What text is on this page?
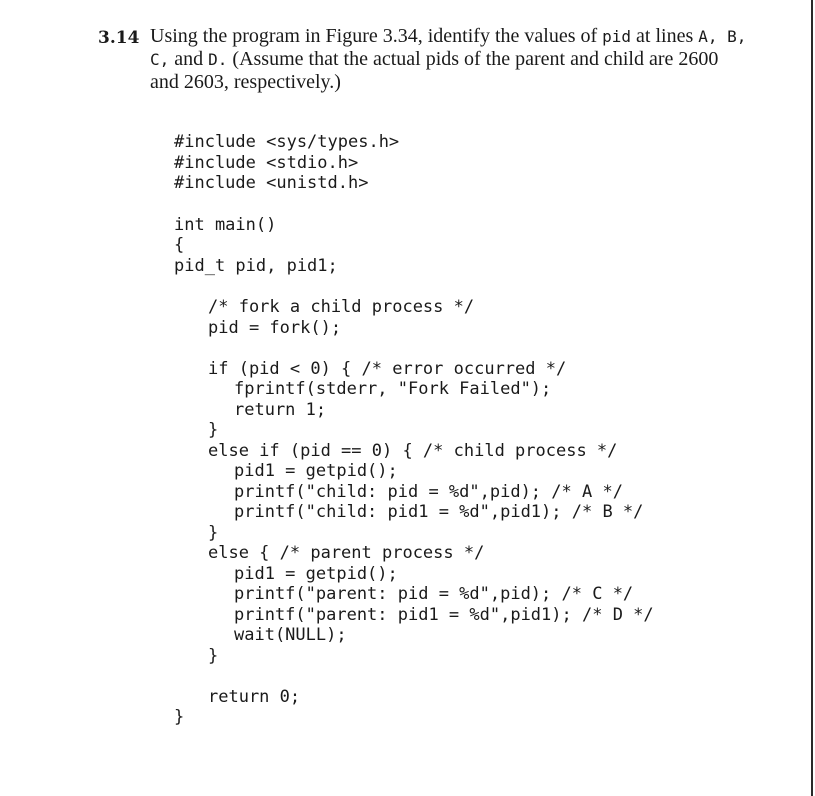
3.14 Using the program in Figure 3.34, identify the values of pid at lines A, B,
C, and D. (Assume that the actual pids of the parent and child are 2600
and 2603, respectively.)
#include <sys/types.h>
#include <stdio.h>
#include <unistd.h>
int main()
{
pid_t pid, pid1;
/* fork a child process */
pid = fork();
if (pid < 0) { /* error occurred */
fprintf(stderr, "Fork Failed");
return 1;
}
else if (pid == 0) { /* child process */
pid1 = getpid();
printf("child: pid = %d",pid); /* A */
printf("child: pid1 = %d",pid1); /* B */
}
else { /* parent process */
pid1 = getpid();
printf("parent: pid = %d",pid); /* C */
printf("parent: pid1 = %d",pid1); /* D */
wait(NULL);
}
return 0;
}
